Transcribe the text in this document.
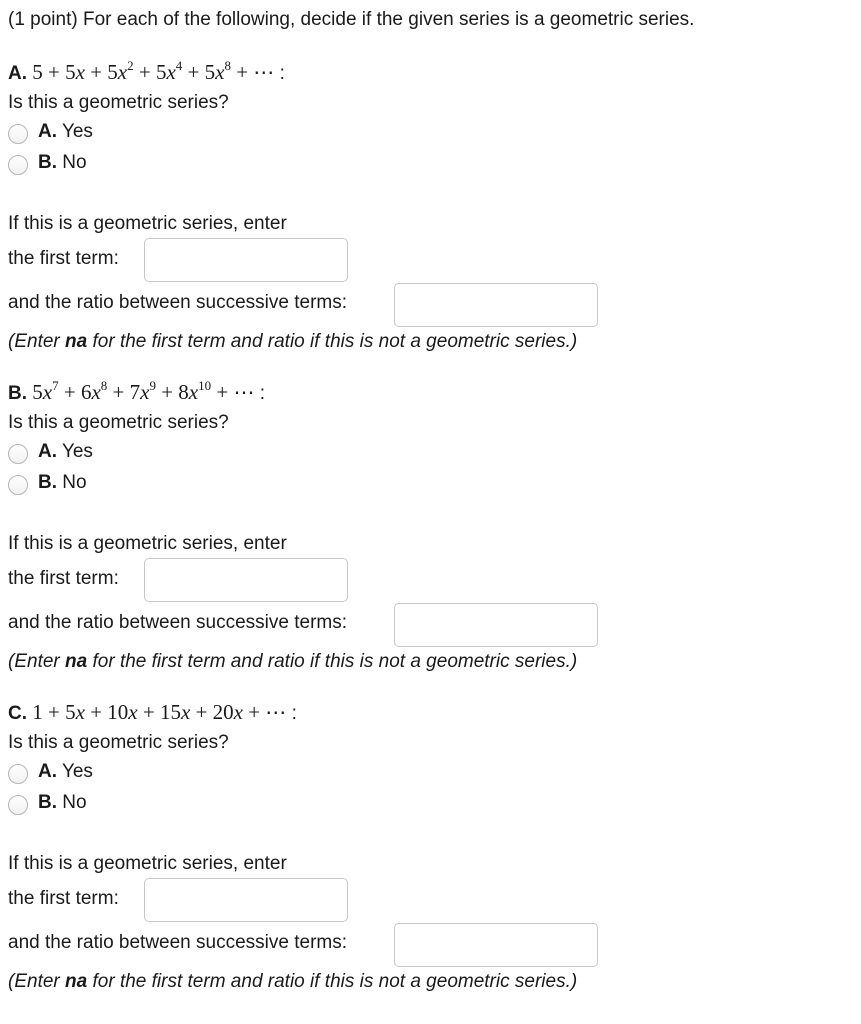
(1 point) For each of the following, decide if the given series is a geometric series.
A. $5 + 5x + 5x^2 + 5x^4 + 5x^8$ + ⋯ :
Is this a geometric series?
A. Yes
B. No
If this is a geometric series, enter
the first term:
and the ratio between successive terms:
(Enter na for the first term and ratio if this is not a geometric series.)
B. $5x^7 + 6x^8 + 7x^9 + 8x^{10}$ + ⋯ :
Is this a geometric series?
A. Yes
B. No
If this is a geometric series, enter
the first term:
and the ratio between successive terms:
(Enter na for the first term and ratio if this is not a geometric series.)
C. 1 + 5x + 10x + 15x + 20x + ⋯ :
Is this a geometric series?
A. Yes
B. No
If this is a geometric series, enter
the first term:
and the ratio between successive terms:
(Enter na for the first term and ratio if this is not a geometric series.)
